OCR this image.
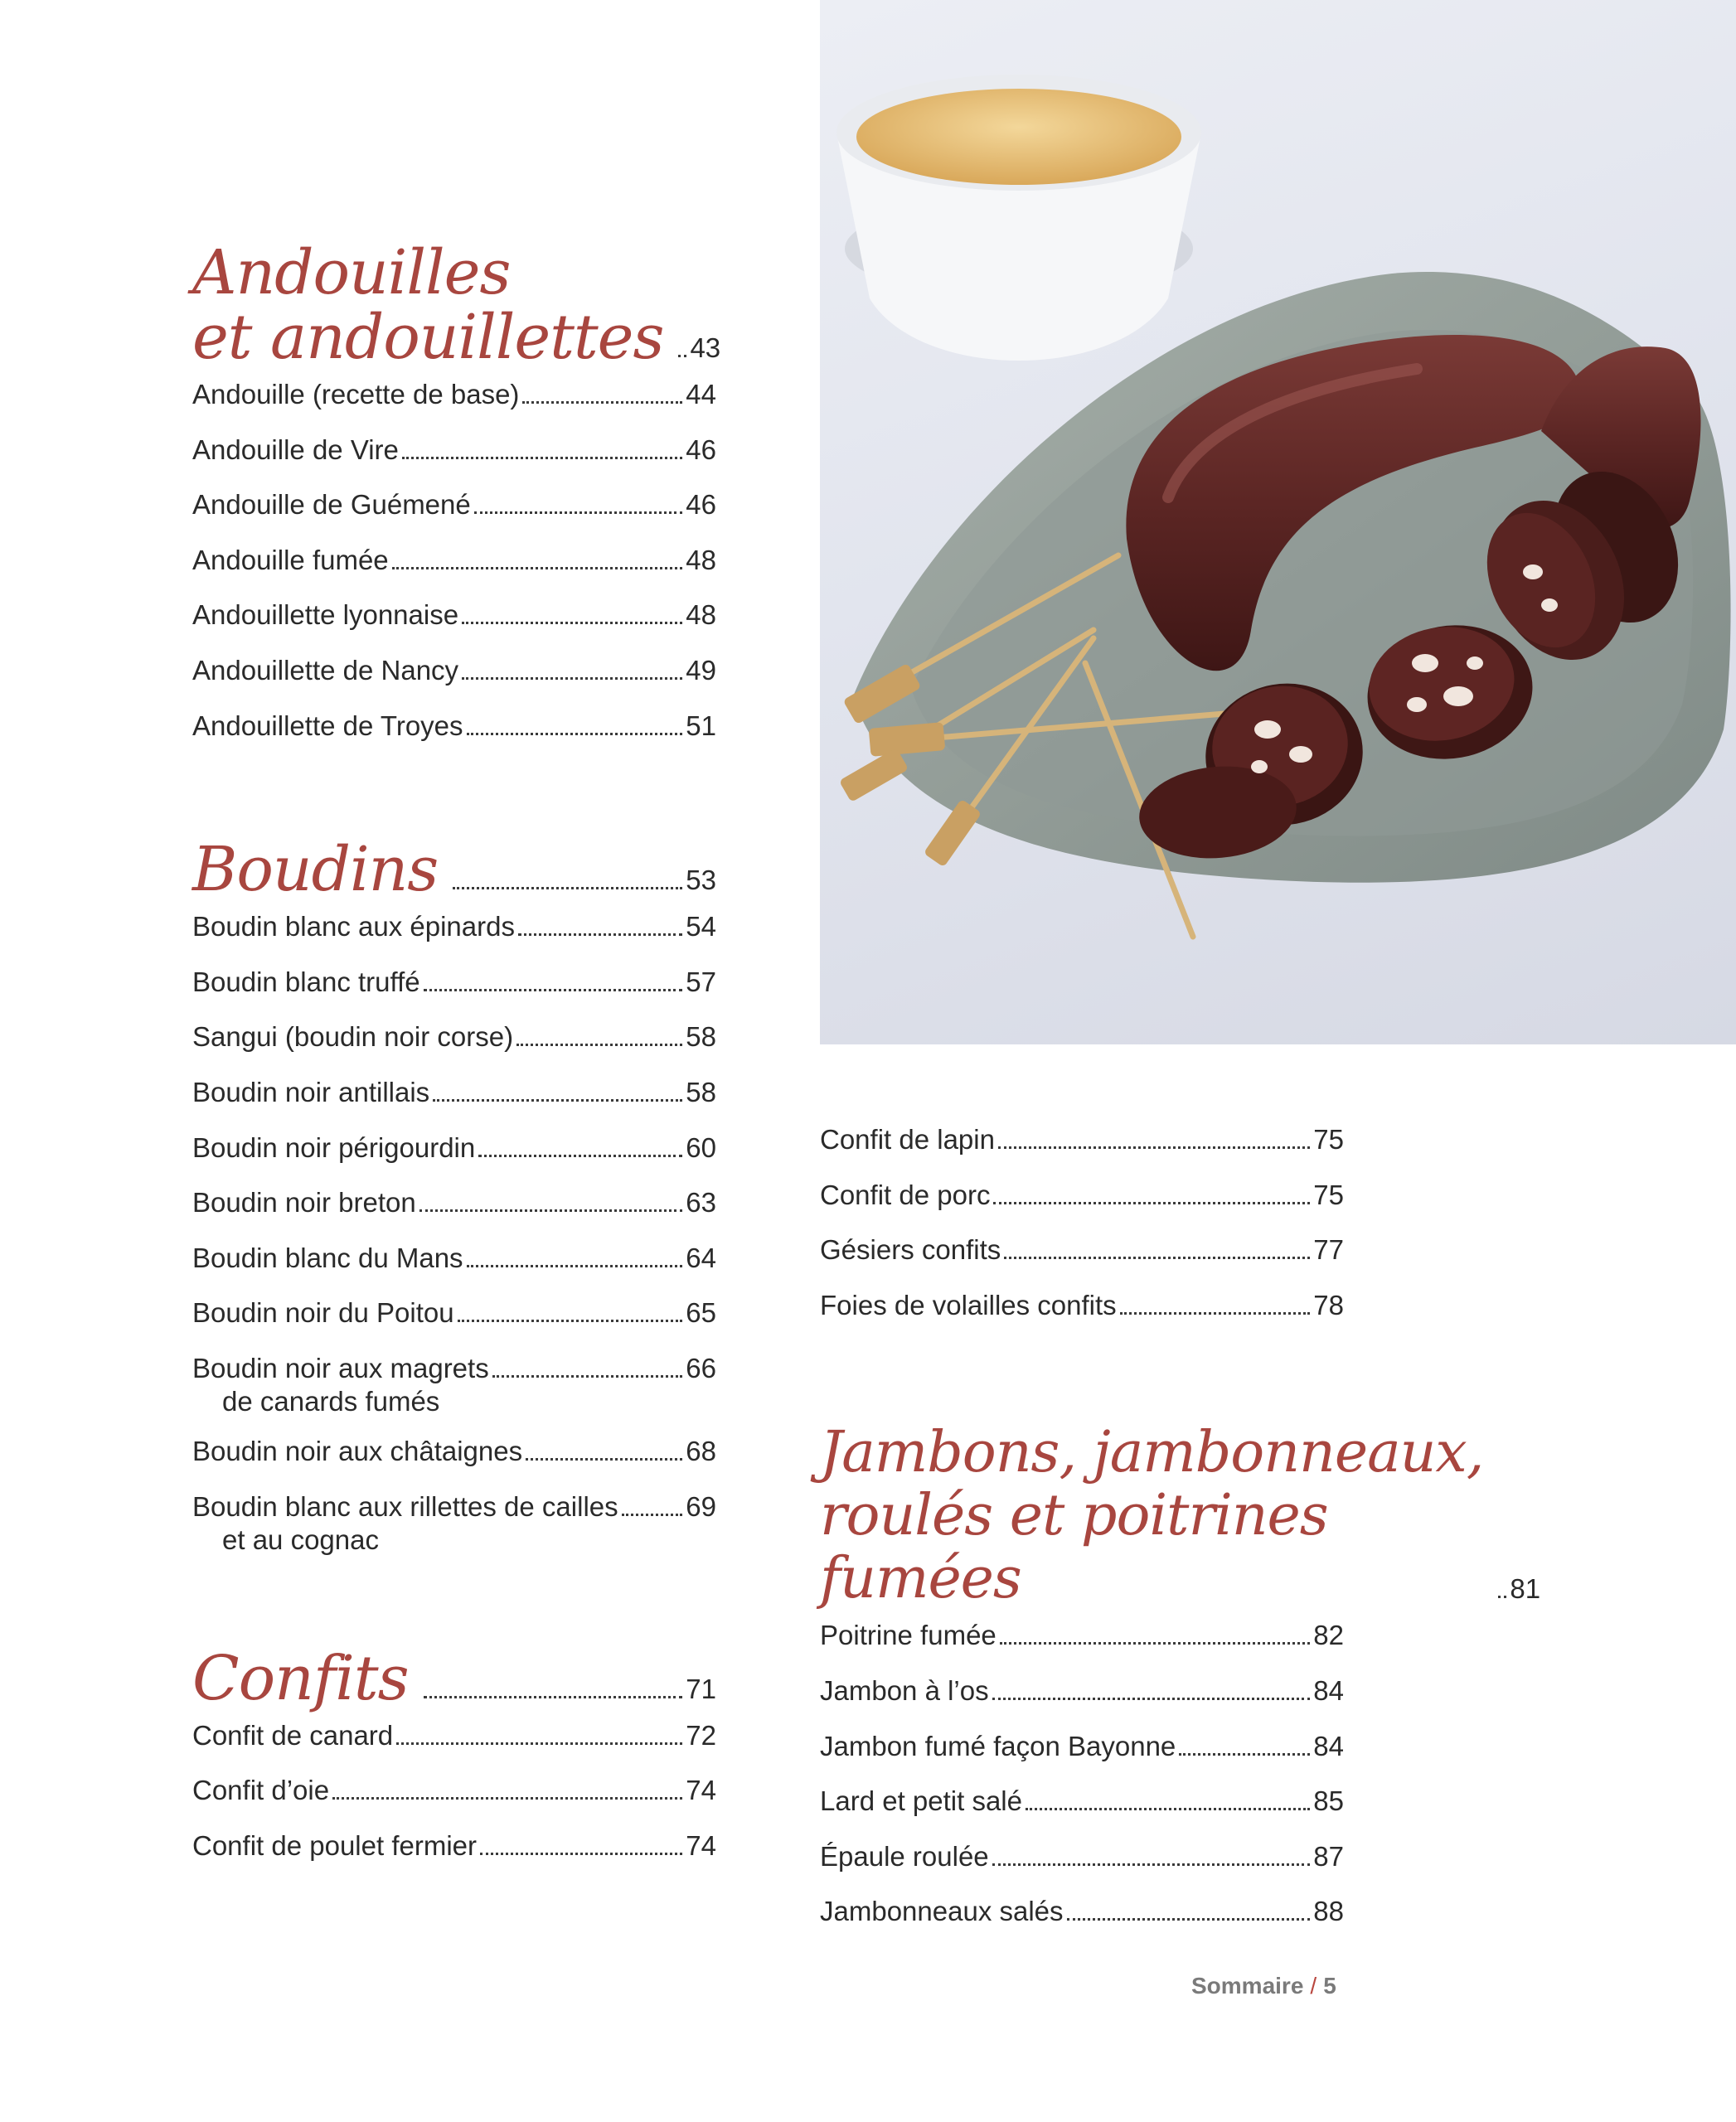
Andouilles
et andouillettes 43
Andouille (recette de base)	44
Andouille de Vire	46
Andouille de Guémené	46
Andouille fumée	48
Andouillette lyonnaise	48
Andouillette de Nancy	49
Andouillette de Troyes	51
Boudins	53
Boudin blanc aux épinards	54
Boudin blanc truffé	57
Sangui (boudin noir corse)	58
Boudin noir antillais	58
Boudin noir périgourdin	60
Boudin noir breton	63
Boudin blanc du Mans	64
Boudin noir du Poitou	65
Boudin noir aux magrets
de canards fumés
66
Boudin noir aux châtaignes	68
Boudin blanc aux rillettes de cailles
et au cognac
69
Confits	71
Confit de canard	72
Confit d’oie	74
Confit de poulet fermier	74
Confit de lapin	75
Confit de porc	75
Gésiers confits	77
Foies de volailles confits	78
Jambons, jambonneaux,
roulés et poitrines
fumées	81
Poitrine fumée	82
Jambon à l’os	84
Jambon fumé façon Bayonne	84
Lard et petit salé	85
Épaule roulée	87
Jambonneaux salés	88
Sommaire / 5
